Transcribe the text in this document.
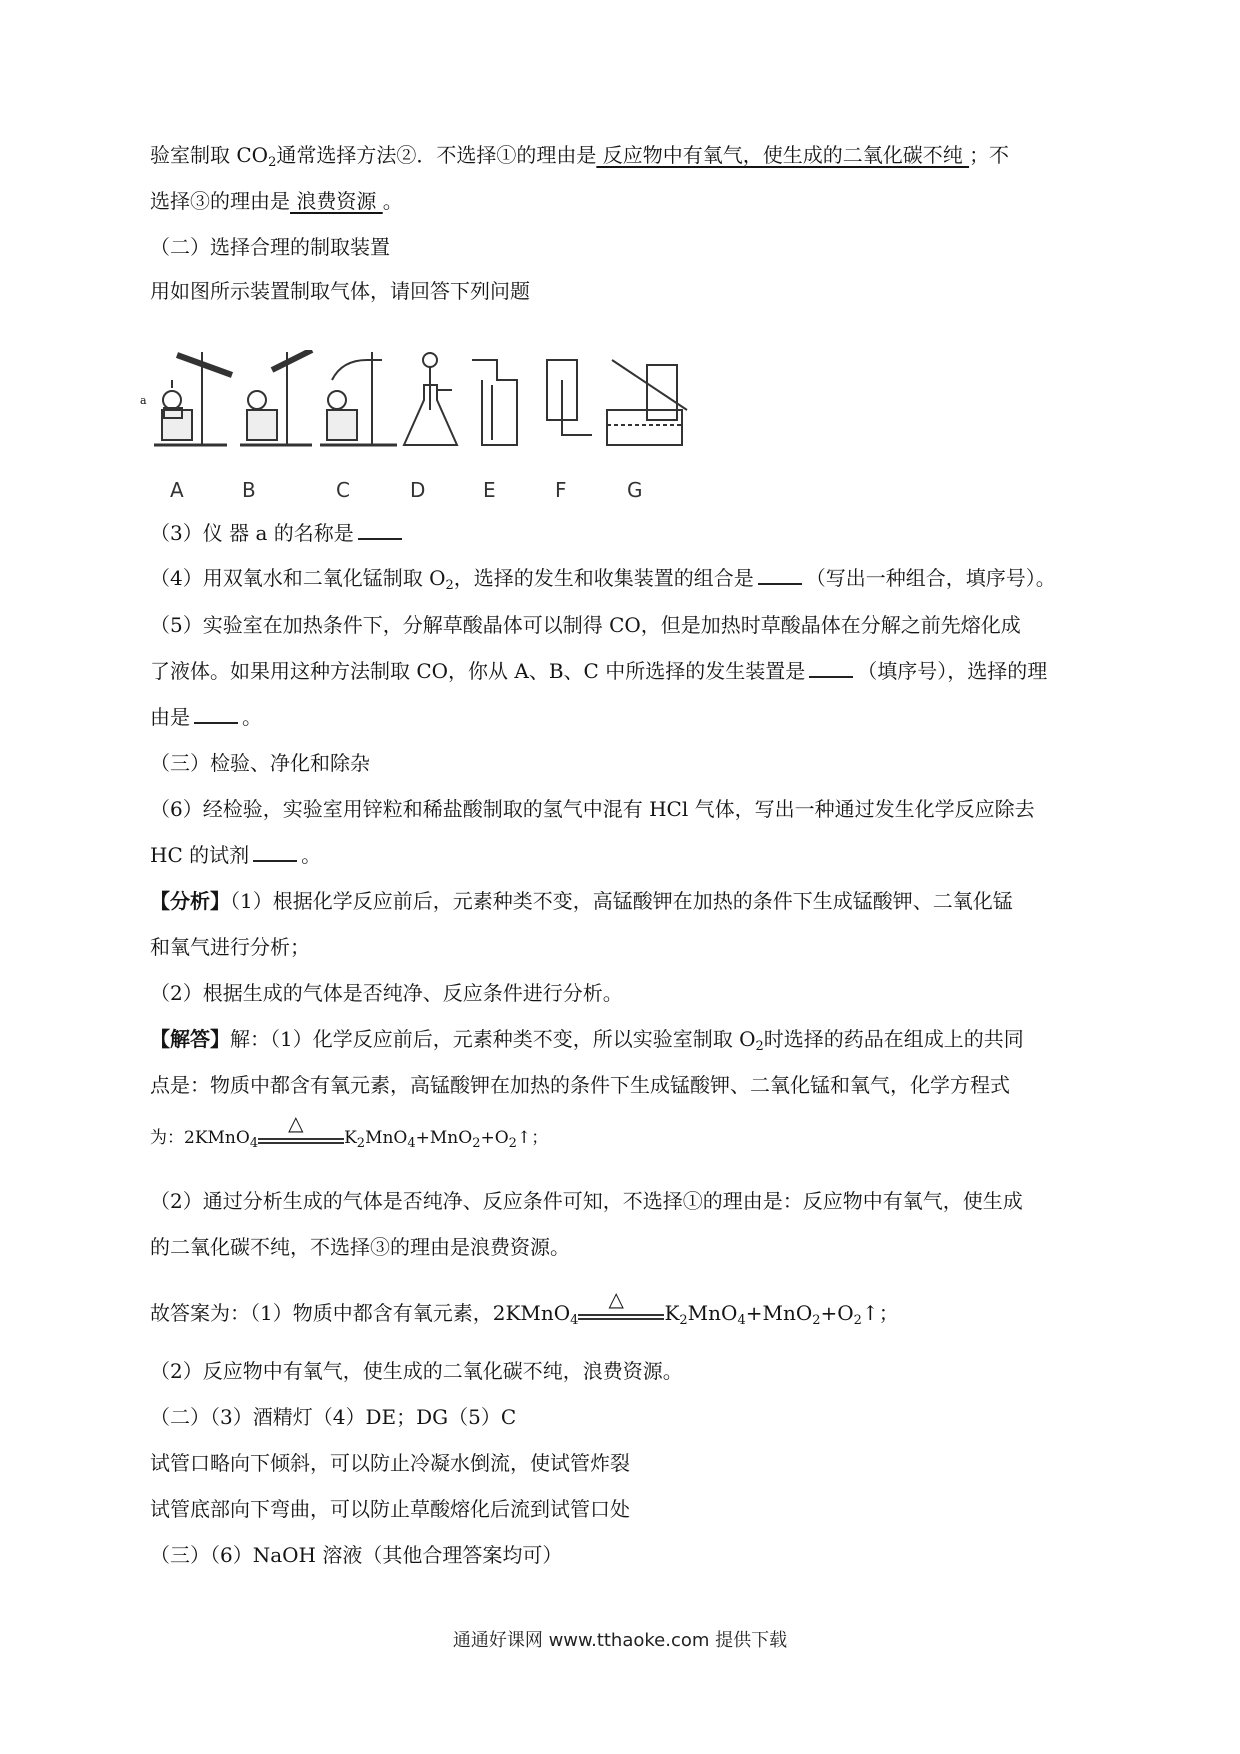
验室制取 $CO_2$通常选择方法②．不选择①的理由是 反应物中有氧气，使生成的二氧化碳不纯 ；不
选择③的理由是 浪费资源 。
（二）选择合理的制取装置
用如图所示装置制取气体，请回答下列问题
A	B	C	D	E	F	G
a
（3）仪 器 a 的名称是
（4）用双氧水和二氧化锰制取 $O_2$，选择的发生和收集装置的组合是	（写出一种组合，填序号）。
（5）实验室在加热条件下，分解草酸晶体可以制得 CO，但是加热时草酸晶体在分解之前先熔化成
了液体。如果用这种方法制取 CO，你从 A、B、C 中所选择的发生装置是	（填序号），选择的理
由是	。
（三）检验、净化和除杂
（6）经检验，实验室用锌粒和稀盐酸制取的氢气中混有 HCl 气体，写出一种通过发生化学反应除去
HC 的试剂	。
【分析】（1）根据化学反应前后，元素种类不变，高锰酸钾在加热的条件下生成锰酸钾、二氧化锰
和氧气进行分析；
（2）根据生成的气体是否纯净、反应条件进行分析。
【解答】解：（1）化学反应前后，元素种类不变，所以实验室制取 $O_2$时选择的药品在组成上的共同
点是：物质中都含有氧元素，高锰酸钾在加热的条件下生成锰酸钾、二氧化锰和氧气，化学方程式
为：2KMnO$_4$
△
$K_2MnO_4+MnO_2+O_2↑$；
（2）通过分析生成的气体是否纯净、反应条件可知，不选择①的理由是：反应物中有氧气，使生成
的二氧化碳不纯，不选择③的理由是浪费资源。
故答案为：（1）物质中都含有氧元素，2KMnO$_4$
△
$K_2MnO_4+MnO_2+O_2↑$；
（2）反应物中有氧气，使生成的二氧化碳不纯，浪费资源。
（二）（3）酒精灯（4）DE；DG（5）C
试管口略向下倾斜，可以防止冷凝水倒流，使试管炸裂
试管底部向下弯曲，可以防止草酸熔化后流到试管口处
（三）（6）NaOH 溶液（其他合理答案均可）
通通好课网 www.tthaoke.com 提供下载
